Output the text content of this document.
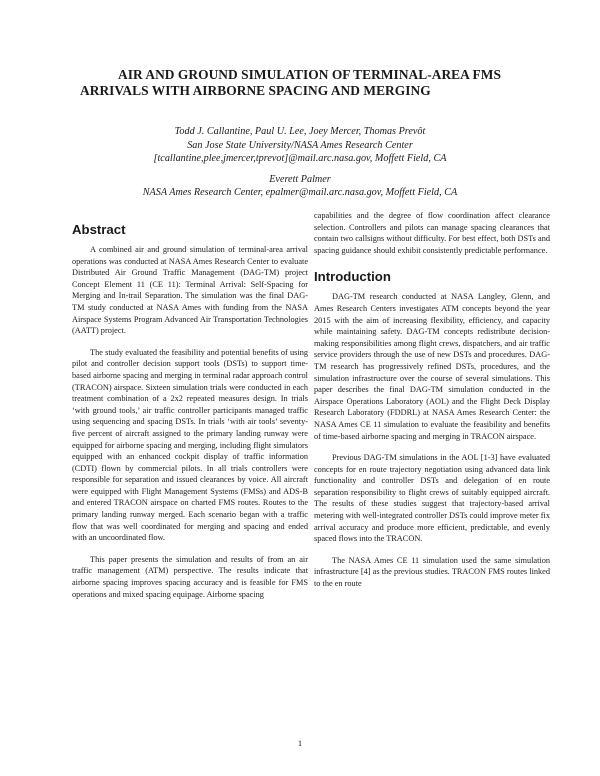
AIR AND GROUND SIMULATION OF TERMINAL-AREA FMS ARRIVALS WITH AIRBORNE SPACING AND MERGING
Todd J. Callantine, Paul U. Lee, Joey Mercer, Thomas Prevôt
San Jose State University/NASA Ames Research Center
[tcallantine,plee,jmercer,tprevot]@mail.arc.nasa.gov, Moffett Field, CA
Everett Palmer
NASA Ames Research Center, epalmer@mail.arc.nasa.gov, Moffett Field, CA
Abstract

A combined air and ground simulation of terminal-area arrival operations was conducted at NASA Ames Research Center to evaluate Distributed Air Ground Traffic Management (DAG-TM) project Concept Element 11 (CE 11): Terminal Arrival: Self-Spacing for Merging and In-trail Separation. The simulation was the final DAG-TM study conducted at NASA Ames with funding from the NASA Airspace Systems Program Advanced Air Transportation Technologies (AATT) project.

The study evaluated the feasibility and potential benefits of using pilot and controller decision support tools (DSTs) to support time-based airborne spacing and merging in terminal radar approach control (TRACON) airspace. Sixteen simulation trials were conducted in each treatment combination of a 2x2 repeated measures design. In trials ‘with ground tools,’ air traffic controller participants managed traffic using sequencing and spacing DSTs. In trials ‘with air tools’ seventy-five percent of aircraft assigned to the primary landing runway were equipped for airborne spacing and merging, including flight simulators equipped with an enhanced cockpit display of traffic information (CDTI) flown by commercial pilots. In all trials controllers were responsible for separation and issued clearances by voice. All aircraft were equipped with Flight Management Systems (FMSs) and ADS-B and entered TRACON airspace on charted FMS routes. Routes to the primary landing runway merged. Each scenario began with a traffic flow that was well coordinated for merging and spacing and ended with an uncoordinated flow.

This paper presents the simulation and results of from an air traffic management (ATM) perspective. The results indicate that airborne spacing improves spacing accuracy and is feasible for FMS operations and mixed spacing equipage. Airborne spacing

capabilities and the degree of flow coordination affect clearance selection. Controllers and pilots can manage spacing clearances that contain two callsigns without difficulty. For best effect, both DSTs and spacing guidance should exhibit consistently predictable performance.

Introduction

DAG-TM research conducted at NASA Langley, Glenn, and Ames Research Centers investigates ATM concepts beyond the year 2015 with the aim of increasing flexibility, efficiency, and capacity while maintaining safety. DAG-TM concepts redistribute decision-making responsibilities among flight crews, dispatchers, and air traffic service providers through the use of new DSTs and procedures. DAG-TM research has progressively refined DSTs, procedures, and the simulation infrastructure over the course of several simulations. This paper describes the final DAG-TM simulation conducted in the Airspace Operations Laboratory (AOL) and the Flight Deck Display Research Laboratory (FDDRL) at NASA Ames Research Center: the NASA Ames CE 11 simulation to evaluate the feasibility and benefits of time-based airborne spacing and merging in TRACON airspace.

Previous DAG-TM simulations in the AOL [1-3] have evaluated concepts for en route trajectory negotiation using advanced data link functionality and controller DSTs and delegation of en route separation responsibility to flight crews of suitably equipped aircraft. The results of these studies suggest that trajectory-based arrival metering with well-integrated controller DSTs could improve meter fix arrival accuracy and produce more efficient, predictable, and evenly spaced flows into the TRACON.

The NASA Ames CE 11 simulation used the same simulation infrastructure [4] as the previous studies. TRACON FMS routes linked to the en route

1
